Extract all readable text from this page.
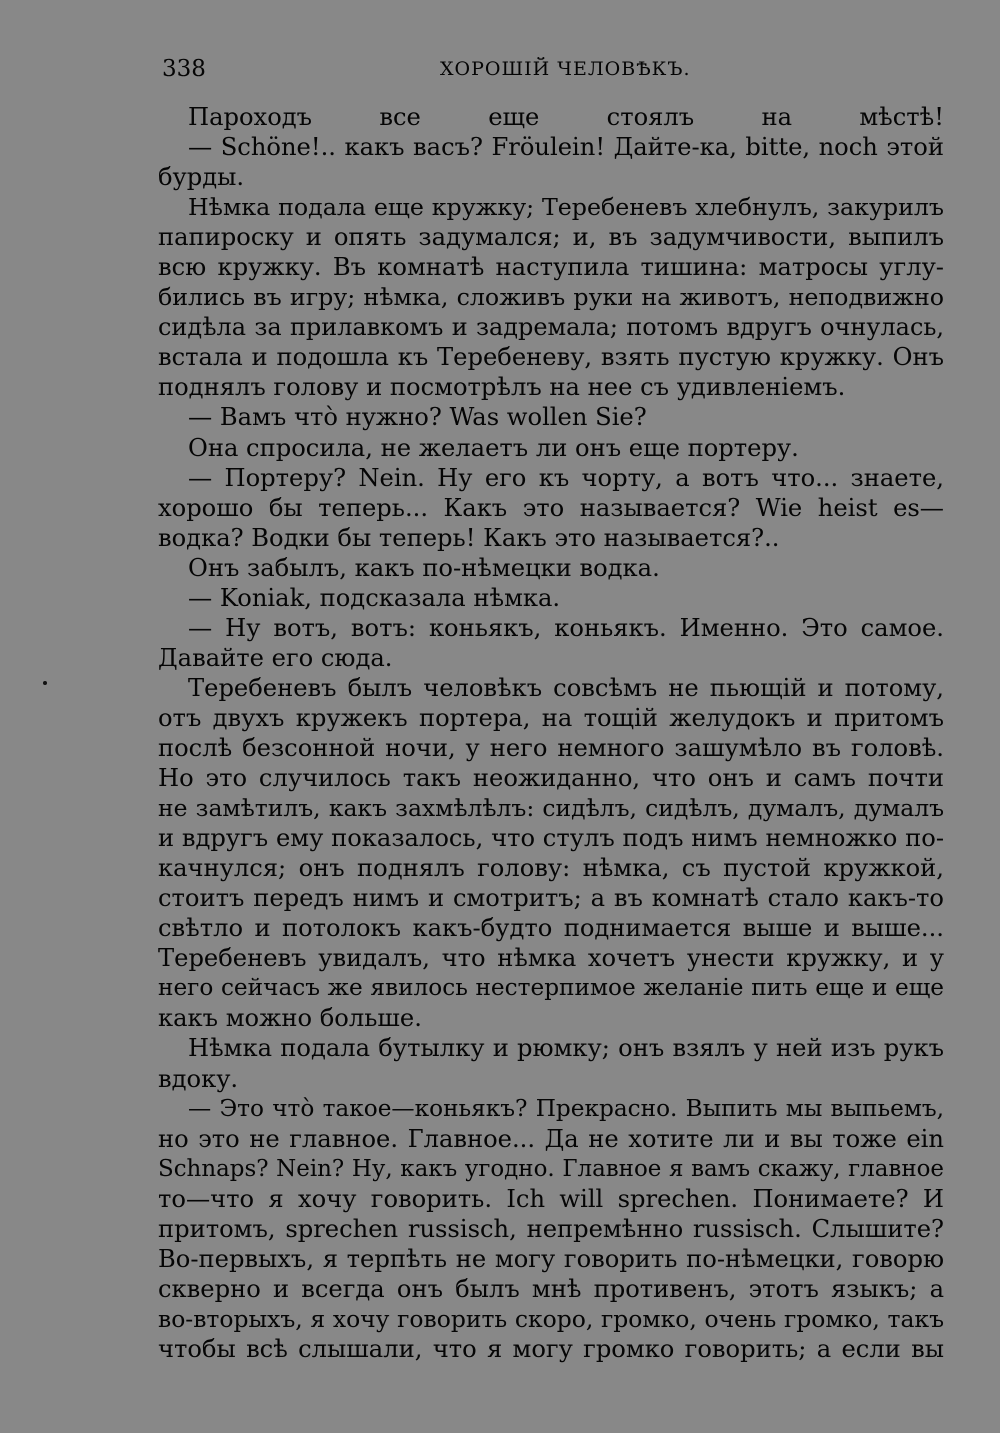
338	ХОРОШІЙ ЧЕЛОВѢКЪ.
Пароходъ все еще стоялъ на мѣстѣ!
— Schöne!.. какъ васъ? Fröulein! Дайте-ка, bitte, noch этой
бурды.
Нѣмка подала еще кружку; Теребеневъ хлебнулъ, закурилъ
папироску и опять задумался; и, въ задумчивости, выпилъ
всю кружку. Въ комнатѣ наступила тишина: матросы углу-
бились въ игру; нѣмка, сложивъ руки на животъ, неподвижно
сидѣла за прилавкомъ и задремала; потомъ вдругъ очнулась,
встала и подошла къ Теребеневу, взять пустую кружку. Онъ
поднялъ голову и посмотрѣлъ на нее съ удивленіемъ.
— Вамъ что̀ нужно? Was wollen Sie?
Она спросила, не желаетъ ли онъ еще портеру.
— Портеру? Nein. Ну его къ чорту, а вотъ что... знаете,
хорошо бы теперь... Какъ это называется? Wie heist es—
водка? Водки бы теперь! Какъ это называется?..
Онъ забылъ, какъ по-нѣмецки водка.
— Koniak, подсказала нѣмка.
— Ну вотъ, вотъ: коньякъ, коньякъ. Именно. Это самое.
Давайте его сюда.
Теребеневъ былъ человѣкъ совсѣмъ не пьющій и потому,
отъ двухъ кружекъ портера, на тощій желудокъ и притомъ
послѣ безсонной ночи, у него немного зашумѣло въ головѣ.
Но это случилось такъ неожиданно, что онъ и самъ почти
не замѣтилъ, какъ захмѣлѣлъ: сидѣлъ, сидѣлъ, думалъ, думалъ
и вдругъ ему показалось, что стулъ подъ нимъ немножко по-
качнулся; онъ поднялъ голову: нѣмка, съ пустой кружкой,
стоитъ передъ нимъ и смотритъ; а въ комнатѣ стало какъ-то
свѣтло и потолокъ какъ-будто поднимается выше и выше...
Теребеневъ увидалъ, что нѣмка хочетъ унести кружку, и у
него сейчасъ же явилось нестерпимое желаніе пить еще и еще
какъ можно больше.
Нѣмка подала бутылку и рюмку; онъ взялъ у ней изъ рукъ
вдоку.
— Это что̀ такое—коньякъ? Прекрасно. Выпить мы выпьемъ,
но это не главное. Главное... Да не хотите ли и вы тоже ein
Schnaps? Nein? Ну, какъ угодно. Главное я вамъ скажу, главное
то—что я хочу говорить. Ich will sprechen. Понимаете? И
притомъ, sprechen russisch, непремѣнно russisch. Слышите?
Во-первыхъ, я терпѣть не могу говорить по-нѣмецки, говорю
скверно и всегда онъ былъ мнѣ противенъ, этотъ языкъ; а
во-вторыхъ, я хочу говорить скоро, громко, очень громко, такъ
чтобы всѣ слышали, что я могу громко говорить; а если вы
